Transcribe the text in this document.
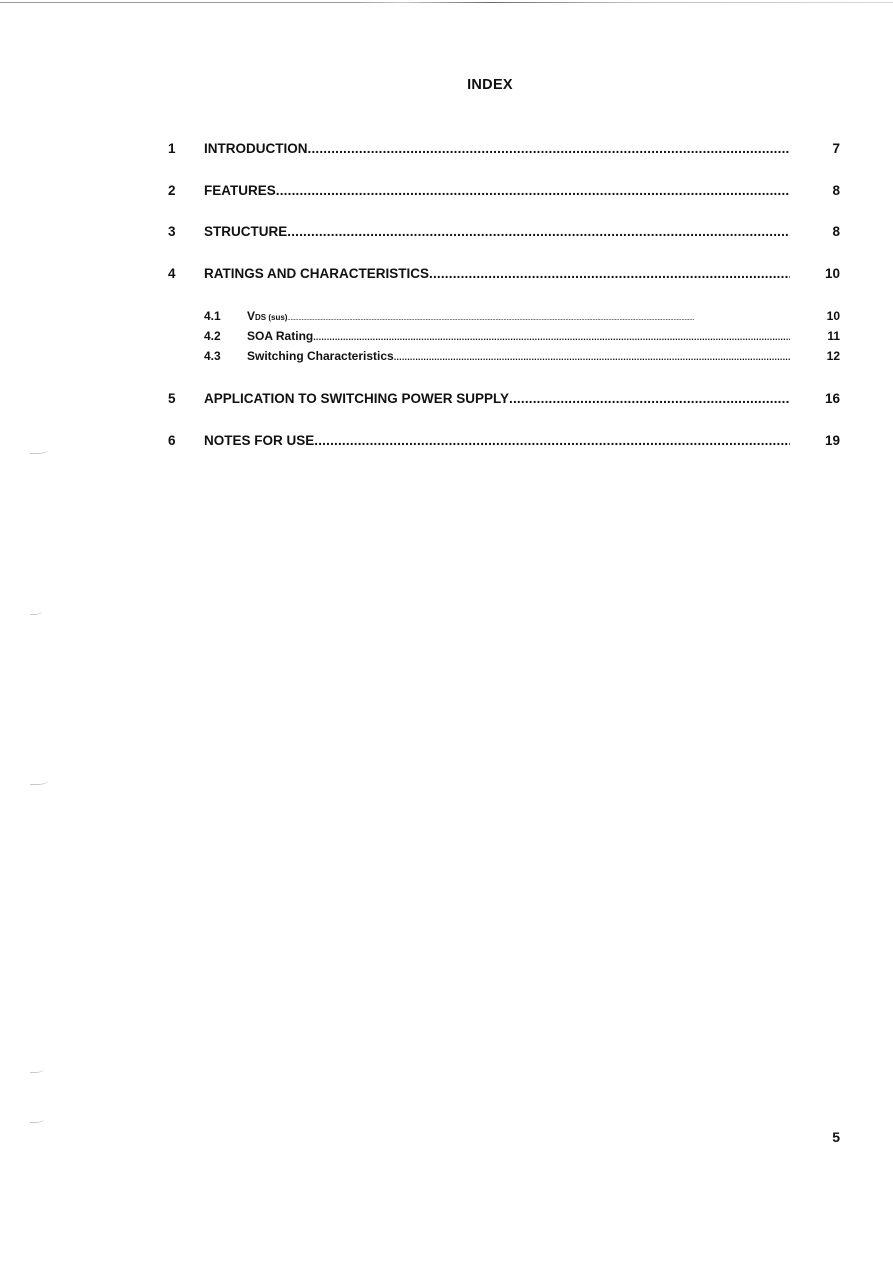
INDEX
1	INTRODUCTION .....	7
2	FEATURES .....	8
3	STRUCTURE .....	8
4	RATINGS AND CHARACTERISTICS .....	10
4.1	VDS (sus) .....	10
4.2	SOA Rating .....	11
4.3	Switching Characteristics .....	12
5	APPLICATION TO SWITCHING POWER SUPPLY .....	16
6	NOTES FOR USE .....	19
5
